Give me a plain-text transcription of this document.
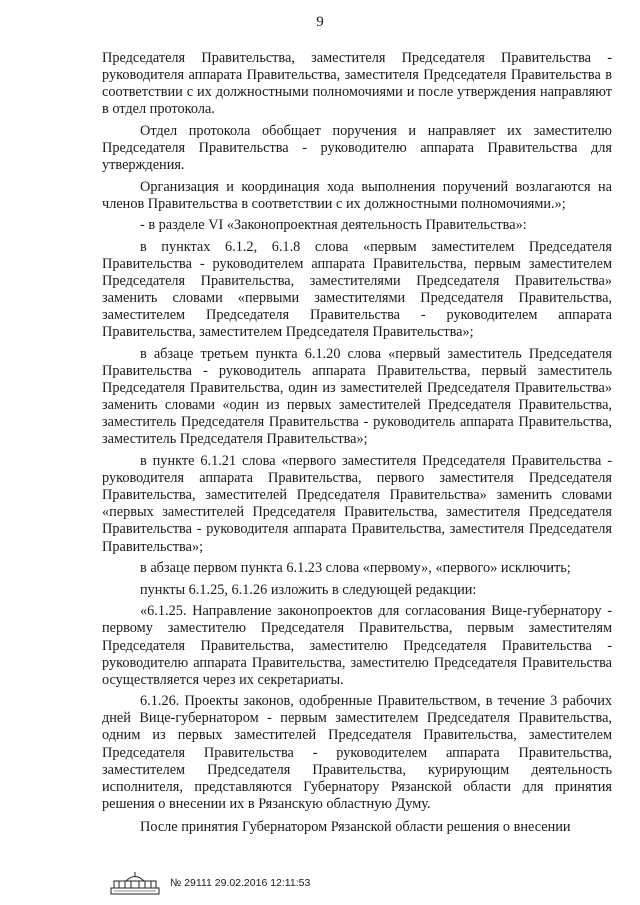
9

Председателя Правительства, заместителя Председателя Правительства - руководителя аппарата Правительства, заместителя Председателя Правительства в соответствии с их должностными полномочиями и после утверждения направляют в отдел протокола.

Отдел протокола обобщает поручения и направляет их заместителю Председателя Правительства - руководителю аппарата Правительства для утверждения.

Организация и координация хода выполнения поручений возлагаются на членов Правительства в соответствии с их должностными полномочиями.»;

- в разделе VI «Законопроектная деятельность Правительства»:

в пунктах 6.1.2, 6.1.8 слова «первым заместителем Председателя Правительства - руководителем аппарата Правительства, первым заместителем Председателя Правительства, заместителями Председателя Правительства» заменить словами «первыми заместителями Председателя Правительства, заместителем Председателя Правительства - руководителем аппарата Правительства, заместителем Председателя Правительства»;

в абзаце третьем пункта 6.1.20 слова «первый заместитель Председателя Правительства - руководитель аппарата Правительства, первый заместитель Председателя Правительства, один из заместителей Председателя Правительства» заменить словами «один из первых заместителей Председателя Правительства, заместитель Председателя Правительства - руководитель аппарата Правительства, заместитель Председателя Правительства»;

в пункте 6.1.21 слова «первого заместителя Председателя Правительства - руководителя аппарата Правительства, первого заместителя Председателя Правительства, заместителей Председателя Правительства» заменить словами «первых заместителей Председателя Правительства, заместителя Председателя Правительства - руководителя аппарата Правительства, заместителя Председателя Правительства»;

в абзаце первом пункта 6.1.23 слова «первому», «первого» исключить;

пункты 6.1.25, 6.1.26 изложить в следующей редакции:

«6.1.25. Направление законопроектов для согласования Вице-губернатору - первому заместителю Председателя Правительства, первым заместителям Председателя Правительства, заместителю Председателя Правительства - руководителю аппарата Правительства, заместителю Председателя Правительства осуществляется через их секретариаты.

6.1.26. Проекты законов, одобренные Правительством, в течение 3 рабочих дней Вице-губернатором - первым заместителем Председателя Правительства, одним из первых заместителей Председателя Правительства, заместителем Председателя Правительства - руководителем аппарата Правительства, заместителем Председателя Правительства, курирующим деятельность исполнителя, представляются Губернатору Рязанской области для принятия решения о внесении их в Рязанскую областную Думу.

После принятия Губернатором Рязанской области решения о внесении

№ 29111 29.02.2016 12:11:53
